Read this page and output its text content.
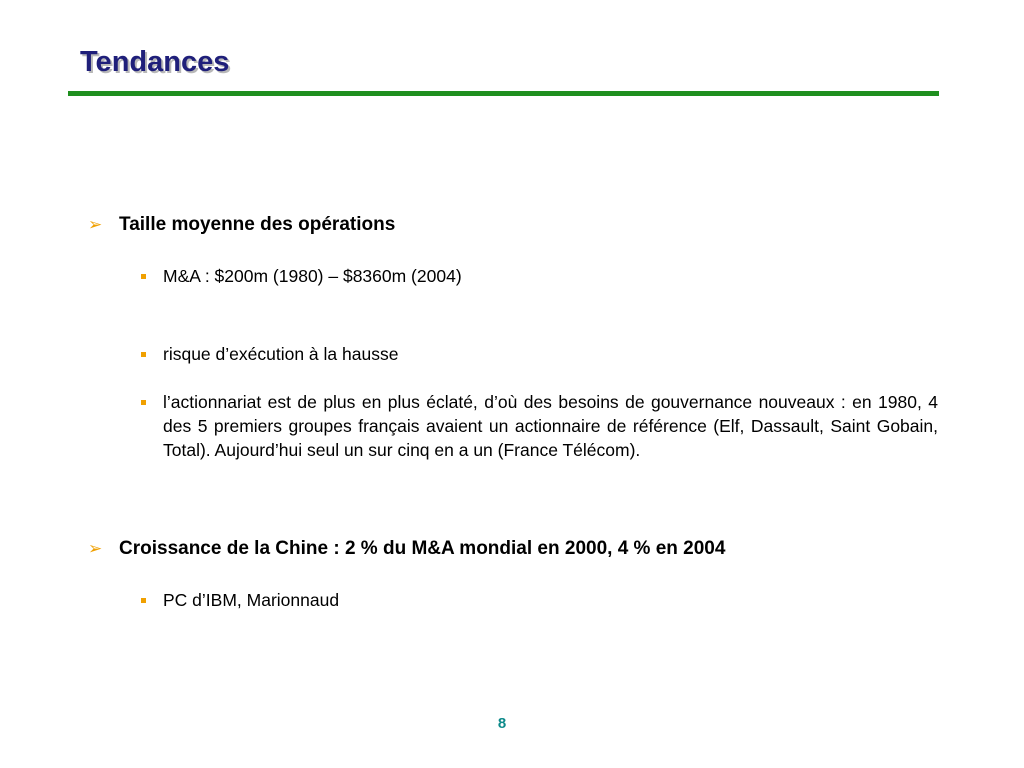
Tendances
➢ Taille moyenne des opérations
M&A : $200m (1980) – $8360m (2004)
risque d’exécution à la hausse
l’actionnariat est de plus en plus éclaté, d’où des besoins de gouvernance nouveaux : en 1980, 4 des 5 premiers groupes français avaient un actionnaire de référence (Elf, Dassault, Saint Gobain, Total). Aujourd’hui seul un sur cinq en a un (France Télécom).
➢ Croissance de la Chine : 2 % du M&A mondial en 2000, 4 % en 2004
PC d’IBM, Marionnaud
8
